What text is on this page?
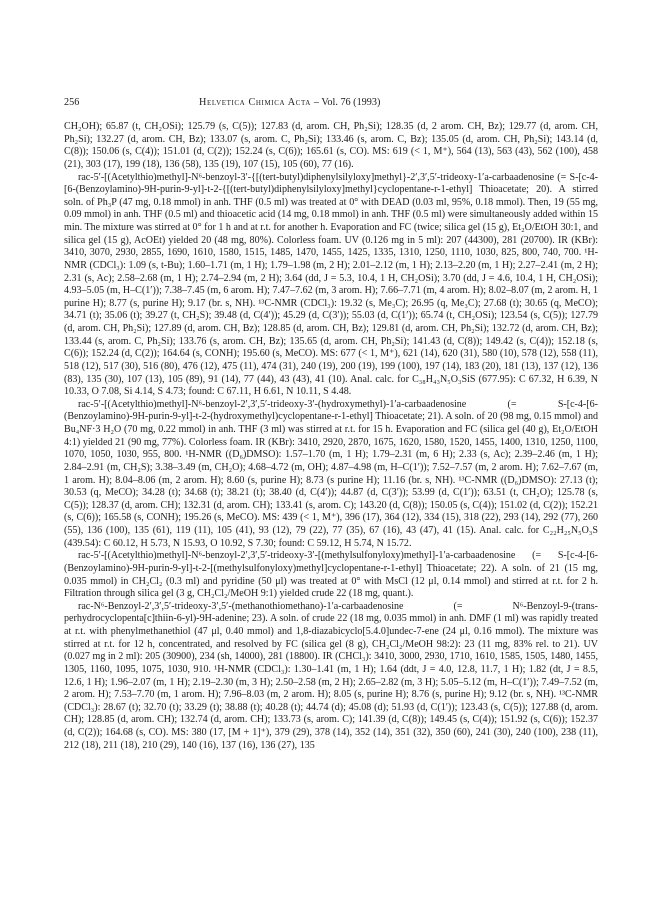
256	Helvetica Chimica Acta – Vol. 76 (1993)

CH₂OH); 65.87 (t, CH₂OSi); 125.79 (s, C(5)); 127.83 (d, arom. CH, Ph₂Si); 128.35 (d, 2 arom. CH, Bz); 129.77 (d, arom. CH, Ph₂Si); 132.27 (d, arom. CH, Bz); 133.07 (s, arom. C, Ph₂Si); 133.46 (s, arom. C, Bz); 135.05 (d, arom. CH, Ph₂Si); 143.14 (d, C(8)); 150.06 (s, C(4)); 151.01 (d, C(2)); 152.24 (s, C(6)); 165.61 (s, CO). MS: 619 (< 1, M⁺), 564 (13), 563 (43), 562 (100), 458 (21), 303 (17), 199 (18), 136 (58), 135 (19), 107 (15), 105 (60), 77 (16).

rac-5′-[(Acetylthio)methyl]-N⁶-benzoyl-3′-{[(tert-butyl)diphenylsilyloxy]methyl}-2′,3′,5′-trideoxy-1′a-carbaadenosine (= S-[c-4-[6-(Benzoylamino)-9H-purin-9-yl]-t-2-{[(tert-butyl)diphenylsilyloxy]methyl}cyclopentane-r-1-ethyl] Thioacetate; 20). A stirred soln. of Ph₃P (47 mg, 0.18 mmol) in anh. THF (0.5 ml) was treated at 0° with DEAD (0.03 ml, 95%, 0.18 mmol). Then, 19 (55 mg, 0.09 mmol) in anh. THF (0.5 ml) and thioacetic acid (14 mg, 0.18 mmol) in anh. THF (0.5 ml) were simultaneously added within 15 min. The mixture was stirred at 0° for 1 h and at r.t. for another h. Evaporation and FC (twice; silica gel (15 g), Et₂O/EtOH 30:1, and silica gel (15 g), AcOEt) yielded 20 (48 mg, 80%). Colorless foam. UV (0.126 mg in 5 ml): 207 (44300), 281 (20700). IR (KBr): 3410, 3070, 2930, 2855, 1690, 1610, 1580, 1515, 1485, 1470, 1455, 1425, 1335, 1310, 1250, 1110, 1030, 825, 800, 740, 700. ¹H-NMR (CDCl₃): 1.09 (s, t-Bu); 1.60–1.71 (m, 1 H); 1.79–1.98 (m, 2 H); 2.01–2.12 (m, 1 H); 2.13–2.20 (m, 1 H); 2.27–2.41 (m, 2 H); 2.31 (s, Ac); 2.58–2.68 (m, 1 H); 2.74–2.94 (m, 2 H); 3.64 (dd, J = 5.3, 10.4, 1 H, CH₂OSi); 3.70 (dd, J = 4.6, 10.4, 1 H, CH₂OSi); 4.93–5.05 (m, H–C(1′)); 7.38–7.45 (m, 6 arom. H); 7.47–7.62 (m, 3 arom. H); 7.66–7.71 (m, 4 arom. H); 8.02–8.07 (m, 2 arom. H, 1 purine H); 8.77 (s, purine H); 9.17 (br. s, NH). ¹³C-NMR (CDCl₃): 19.32 (s, Me₃C); 26.95 (q, Me₃C); 27.68 (t); 30.65 (q, MeCO); 34.71 (t); 35.06 (t); 39.27 (t, CH₂S); 39.48 (d, C(4′)); 45.29 (d, C(3′)); 55.03 (d, C(1′)); 65.74 (t, CH₂OSi); 123.54 (s, C(5)); 127.79 (d, arom. CH, Ph₂Si); 127.89 (d, arom. CH, Bz); 128.85 (d, arom. CH, Bz); 129.81 (d, arom. CH, Ph₂Si); 132.72 (d, arom. CH, Bz); 133.44 (s, arom. C, Ph₂Si); 133.76 (s, arom. CH, Bz); 135.65 (d, arom. CH, Ph₂Si); 141.43 (d, C(8)); 149.42 (s, C(4)); 152.18 (s, C(6)); 152.24 (d, C(2)); 164.64 (s, CONH); 195.60 (s, MeCO). MS: 677 (< 1, M⁺), 621 (14), 620 (31), 580 (10), 578 (12), 558 (11), 518 (12), 517 (30), 516 (80), 476 (12), 475 (11), 474 (31), 240 (19), 200 (19), 199 (100), 197 (14), 183 (20), 181 (13), 137 (12), 136 (83), 135 (30), 107 (13), 105 (89), 91 (14), 77 (44), 43 (43), 41 (10). Anal. calc. for C₃₈H₄₃N₅O₃SiS (677.95): C 67.32, H 6.39, N 10.33, O 7.08, Si 4.14, S 4.73; found: C 67.11, H 6.61, N 10.11, S 4.48.

rac-5′-[(Acetylthio)methyl]-N⁶-benzoyl-2′,3′,5′-trideoxy-3′-(hydroxymethyl)-1′a-carbaadenosine (= S-[c-4-[6-(Benzoylamino)-9H-purin-9-yl]-t-2-(hydroxymethyl)cyclopentane-r-1-ethyl] Thioacetate; 21). A soln. of 20 (98 mg, 0.15 mmol) and Bu₄NF·3 H₂O (70 mg, 0.22 mmol) in anh. THF (3 ml) was stirred at r.t. for 15 h. Evaporation and FC (silica gel (40 g), Et₂O/EtOH 4:1) yielded 21 (90 mg, 77%). Colorless foam. IR (KBr): 3410, 2920, 2870, 1675, 1620, 1580, 1520, 1455, 1400, 1310, 1250, 1100, 1070, 1050, 1030, 955, 800. ¹H-NMR ((D₆)DMSO): 1.57–1.70 (m, 1 H); 1.79–2.31 (m, 6 H); 2.33 (s, Ac); 2.39–2.46 (m, 1 H); 2.84–2.91 (m, CH₂S); 3.38–3.49 (m, CH₂O); 4.68–4.72 (m, OH); 4.87–4.98 (m, H–C(1′)); 7.52–7.57 (m, 2 arom. H); 7.62–7.67 (m, 1 arom. H); 8.04–8.06 (m, 2 arom. H); 8.60 (s, purine H); 8.73 (s purine H); 11.16 (br. s, NH). ¹³C-NMR ((D₆)DMSO): 27.13 (t); 30.53 (q, MeCO); 34.28 (t); 34.68 (t); 38.21 (t); 38.40 (d, C(4′)); 44.87 (d, C(3′)); 53.99 (d, C(1′)); 63.51 (t, CH₂O); 125.78 (s, C(5)); 128.37 (d, arom. CH); 132.31 (d, arom. CH); 133.41 (s, arom. C); 143.20 (d, C(8)); 150.05 (s, C(4)); 151.02 (d, C(2)); 152.21 (s, C(6)); 165.58 (s, CONH); 195.26 (s, MeCO). MS: 439 (< 1, M⁺), 396 (17), 364 (12), 334 (15), 318 (22), 293 (14), 292 (77), 260 (55), 136 (100), 135 (61), 119 (11), 105 (41), 93 (12), 79 (22), 77 (35), 67 (16), 43 (47), 41 (15). Anal. calc. for C₂₂H₂₅N₅O₃S (439.54): C 60.12, H 5.73, N 15.93, O 10.92, S 7.30; found: C 59.12, H 5.74, N 15.72.

rac-5′-[(Acetylthio)methyl]-N⁶-benzoyl-2′,3′,5′-trideoxy-3′-[(methylsulfonyloxy)methyl]-1′a-carbaadenosine (= S-[c-4-[6-(Benzoylamino)-9H-purin-9-yl]-t-2-[(methylsulfonyloxy)methyl]cyclopentane-r-1-ethyl] Thioacetate; 22). A soln. of 21 (15 mg, 0.035 mmol) in CH₂Cl₂ (0.3 ml) and pyridine (50 μl) was treated at 0° with MsCl (12 μl, 0.14 mmol) and stirred at r.t. for 2 h. Filtration through silica gel (3 g, CH₂Cl₂/MeOH 9:1) yielded crude 22 (18 mg, quant.).

rac-N⁶-Benzoyl-2′,3′,5′-trideoxy-3′,5′-(methanothiomethano)-1′a-carbaadenosine (= N⁶-Benzoyl-9-(trans-perhydrocyclopenta[c]thiin-6-yl)-9H-adenine; 23). A soln. of crude 22 (18 mg, 0.035 mmol) in anh. DMF (1 ml) was rapidly treated at r.t. with phenylmethanethiol (47 μl, 0.40 mmol) and 1,8-diazabicyclo[5.4.0]undec-7-ene (24 μl, 0.16 mmol). The mixture was stirred at r.t. for 12 h, concentrated, and resolved by FC (silica gel (8 g), CH₂Cl₂/MeOH 98:2): 23 (11 mg, 83% rel. to 21). UV (0.027 mg in 2 ml): 205 (30900), 234 (sh, 14000), 281 (18800). IR (CHCl₃): 3410, 3000, 2930, 1710, 1610, 1585, 1505, 1480, 1455, 1305, 1160, 1095, 1075, 1030, 910. ¹H-NMR (CDCl₃): 1.30–1.41 (m, 1 H); 1.64 (ddt, J = 4.0, 12.8, 11.7, 1 H); 1.82 (dt, J = 8.5, 12.6, 1 H); 1.96–2.07 (m, 1 H); 2.19–2.30 (m, 3 H); 2.50–2.58 (m, 2 H); 2.65–2.82 (m, 3 H); 5.05–5.12 (m, H–C(1′)); 7.49–7.52 (m, 2 arom. H); 7.53–7.70 (m, 1 arom. H); 7.96–8.03 (m, 2 arom. H); 8.05 (s, purine H); 8.76 (s, purine H); 9.12 (br. s, NH). ¹³C-NMR (CDCl₃): 28.67 (t); 32.70 (t); 33.29 (t); 38.88 (t); 40.28 (t); 44.74 (d); 45.08 (d); 51.93 (d, C(1′)); 123.43 (s, C(5)); 127.88 (d, arom. CH); 128.85 (d, arom. CH); 132.74 (d, arom. CH); 133.73 (s, arom. C); 141.39 (d, C(8)); 149.45 (s, C(4)); 151.92 (s, C(6)); 152.37 (d, C(2)); 164.68 (s, CO). MS: 380 (17, [M + 1]⁺), 379 (29), 378 (14), 352 (14), 351 (32), 350 (60), 241 (30), 240 (100), 238 (11), 212 (18), 211 (18), 210 (29), 140 (16), 137 (16), 136 (27), 135
